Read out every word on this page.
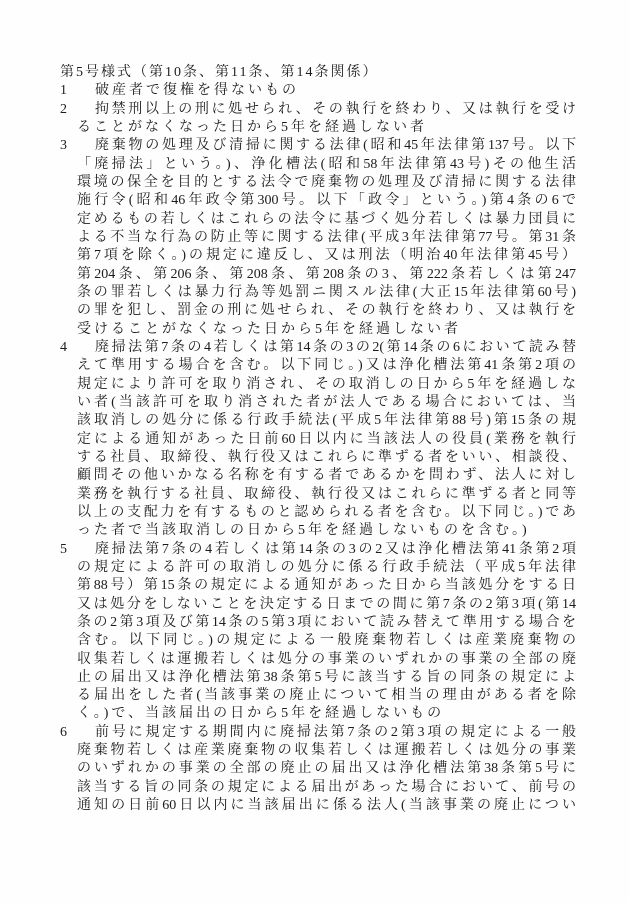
第5号様式（第10条、第11条、第14条関係）
1	破産者で復権を得ないもの
2	拘禁刑以上の刑に処せられ、その執行を終わり、又は執行を受け
ることがなくなった日から5年を経過しない者
3	廃棄物の処理及び清掃に関する法律(昭和45年法律第137号。以下
「廃掃法」という。)、浄化槽法(昭和58年法律第43号)その他生活
環境の保全を目的とする法令で廃棄物の処理及び清掃に関する法律
施行令(昭和46年政令第300号。以下「政令」という。)第4条の6で
定めるもの若しくはこれらの法令に基づく処分若しくは暴力団員に
よる不当な行為の防止等に関する法律(平成3年法律第77号。第31条
第7項を除く。)の規定に違反し、又は刑法（明治40年法律第45号）
第204条、第206条、第208条、第208条の3、第222条若しくは第247
条の罪若しくは暴力行為等処罰ニ関スル法律(大正15年法律第60号)
の罪を犯し、罰金の刑に処せられ、その執行を終わり、又は執行を
受けることがなくなった日から5年を経過しない者
4	廃掃法第7条の4若しくは第14条の3の2(第14条の6において読み替
えて準用する場合を含む。以下同じ。)又は浄化槽法第41条第2項の
規定により許可を取り消され、その取消しの日から5年を経過しな
い者(当該許可を取り消された者が法人である場合においては、当
該取消しの処分に係る行政手続法(平成5年法律第88号)第15条の規
定による通知があった日前60日以内に当該法人の役員(業務を執行
する社員、取締役、執行役又はこれらに準ずる者をいい、相談役、
顧問その他いかなる名称を有する者であるかを問わず、法人に対し
業務を執行する社員、取締役、執行役又はこれらに準ずる者と同等
以上の支配力を有するものと認められる者を含む。以下同じ。)であ
った者で当該取消しの日から5年を経過しないものを含む。)
5	廃掃法第7条の4若しくは第14条の3の2又は浄化槽法第41条第2項
の規定による許可の取消しの処分に係る行政手続法（平成5年法律
第88号）第15条の規定による通知があった日から当該処分をする日
又は処分をしないことを決定する日までの間に第7条の2第3項(第14
条の2第3項及び第14条の5第3項において読み替えて準用する場合を
含む。以下同じ。)の規定による一般廃棄物若しくは産業廃棄物の
収集若しくは運搬若しくは処分の事業のいずれかの事業の全部の廃
止の届出又は浄化槽法第38条第5号に該当する旨の同条の規定によ
る届出をした者(当該事業の廃止について相当の理由がある者を除
く。)で、当該届出の日から5年を経過しないもの
6	前号に規定する期間内に廃掃法第7条の2第3項の規定による一般
廃棄物若しくは産業廃棄物の収集若しくは運搬若しくは処分の事業
のいずれかの事業の全部の廃止の届出又は浄化槽法第38条第5号に
該当する旨の同条の規定による届出があった場合において、前号の
通知の日前60日以内に当該届出に係る法人(当該事業の廃止につい
